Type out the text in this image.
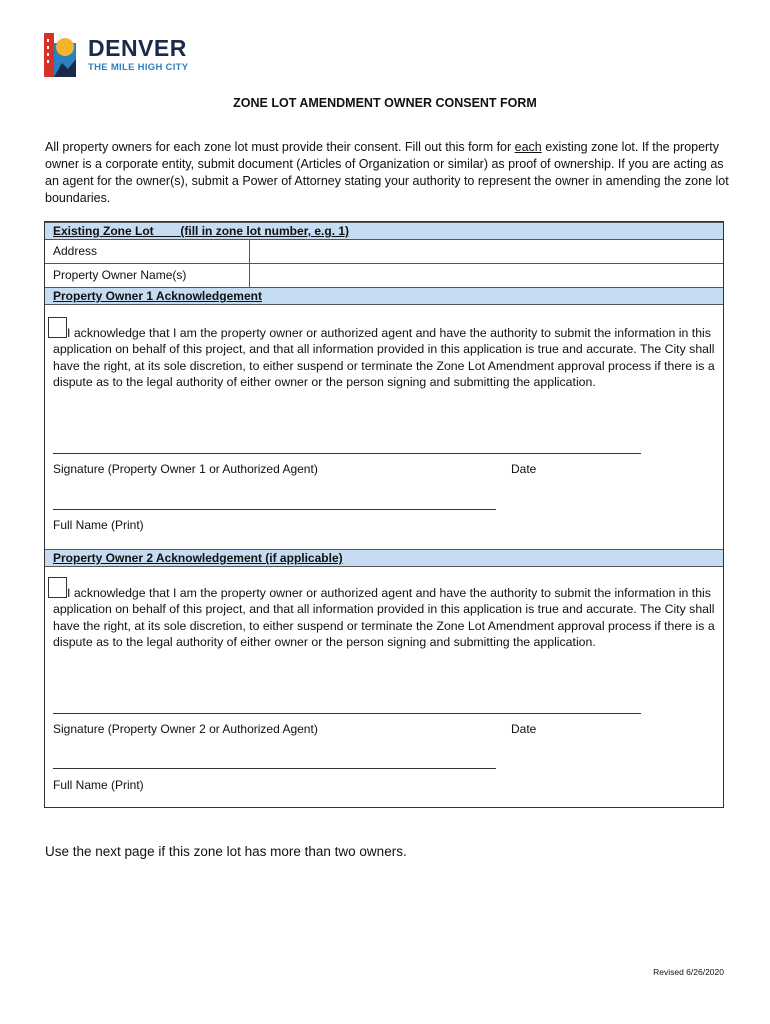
DENVER
THE MILE HIGH CITY
ZONE LOT AMENDMENT OWNER CONSENT FORM
All property owners for each zone lot must provide their consent. Fill out this form for each existing zone lot. If the property owner is a corporate entity, submit document (Articles of Organization or similar) as proof of ownership. If you are acting as an agent for the owner(s), submit a Power of Attorney stating your authority to represent the owner in amending the zone lot boundaries.
Existing Zone Lot ___ (fill in zone lot number, e.g. 1)
Address
Property Owner Name(s)
Property Owner 1 Acknowledgement
I acknowledge that I am the property owner or authorized agent and have the authority to submit the information in this application on behalf of this project, and that all information provided in this application is true and accurate. The City shall have the right, at its sole discretion, to either suspend or terminate the Zone Lot Amendment approval process if there is a dispute as to the legal authority of either owner or the person signing and submitting the application.
Signature (Property Owner 1 or Authorized Agent)	Date
Full Name (Print)
Property Owner 2 Acknowledgement (if applicable)
I acknowledge that I am the property owner or authorized agent and have the authority to submit the information in this application on behalf of this project, and that all information provided in this application is true and accurate. The City shall have the right, at its sole discretion, to either suspend or terminate the Zone Lot Amendment approval process if there is a dispute as to the legal authority of either owner or the person signing and submitting the application.
Signature (Property Owner 2 or Authorized Agent)	Date
Full Name (Print)
Use the next page if this zone lot has more than two owners.
Revised 6/26/2020
